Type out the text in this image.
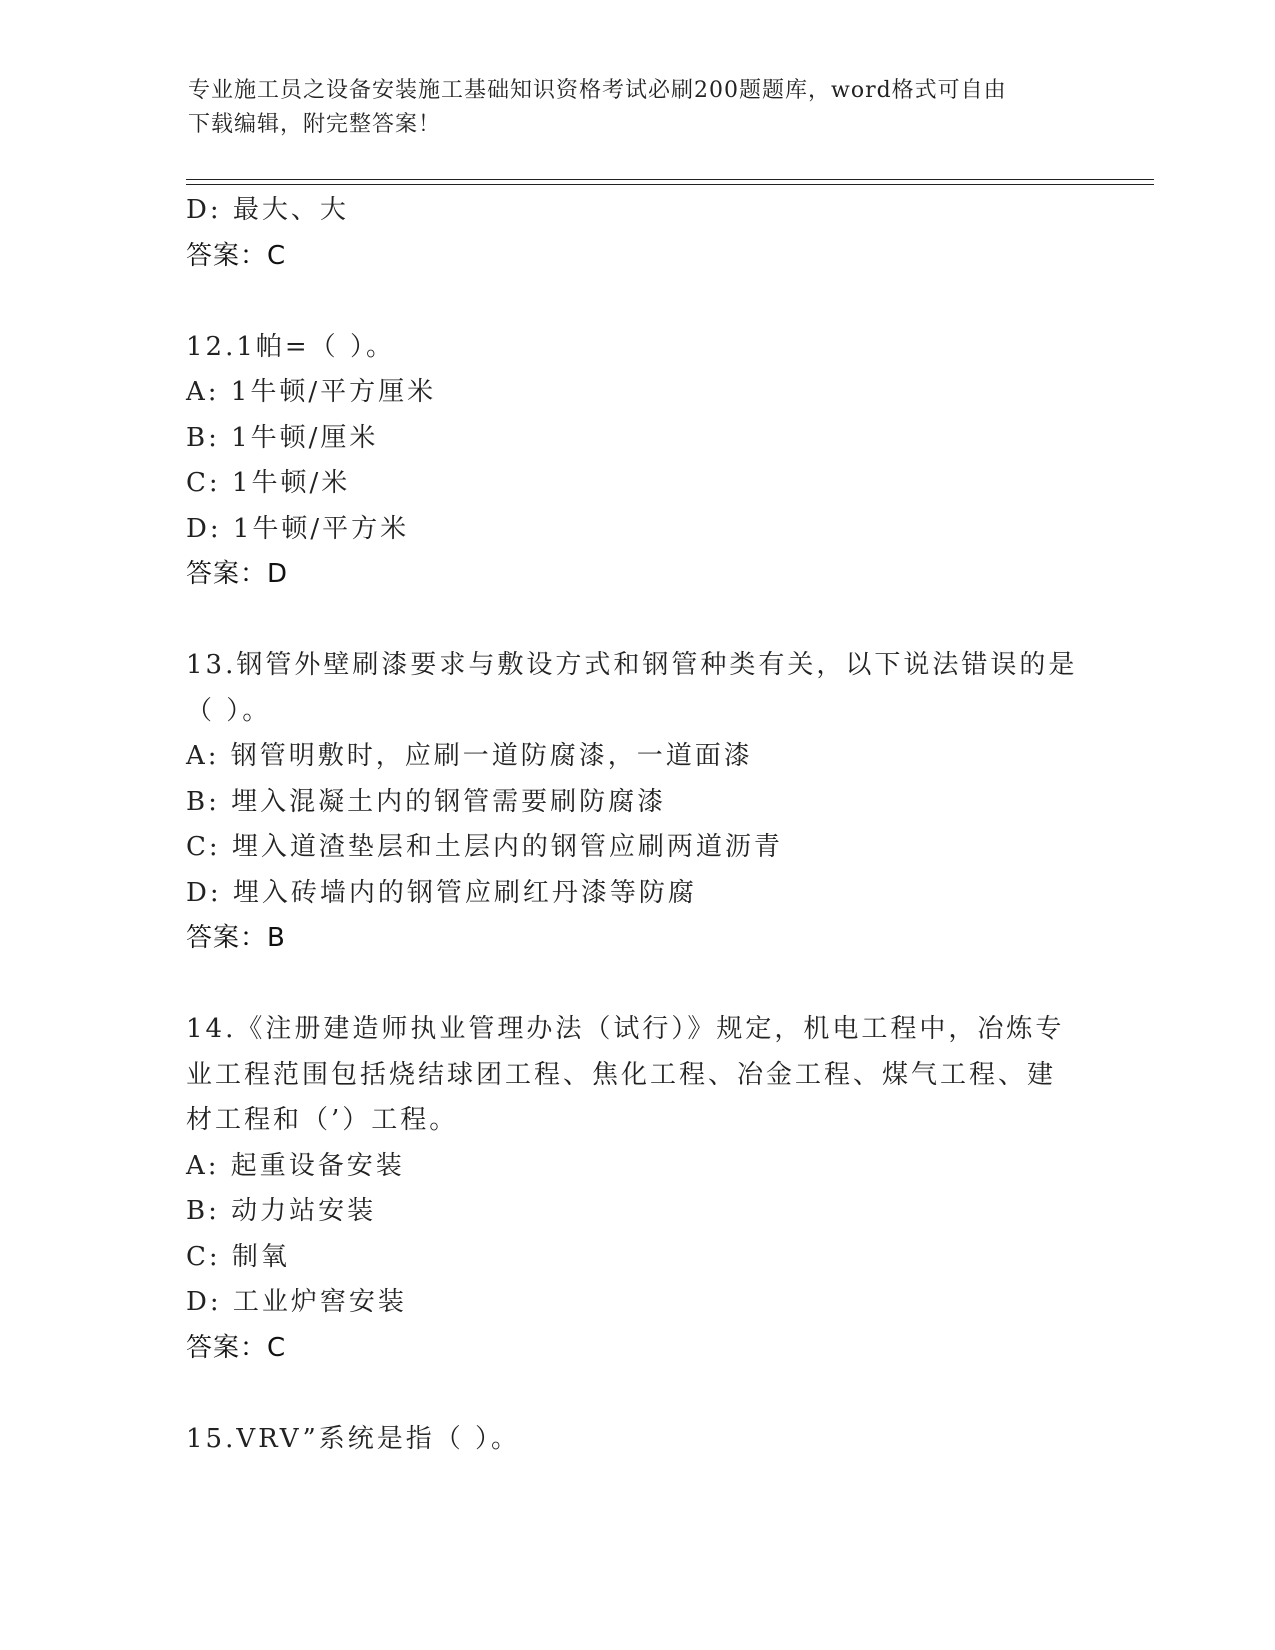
专业施工员之设备安装施工基础知识资格考试必刷200题题库，word格式可自由
下载编辑，附完整答案！
D: 最大、大
答案：C
12.1帕=（ ）。
A: 1牛顿/平方厘米
B: 1牛顿/厘米
C: 1牛顿/米
D: 1牛顿/平方米
答案：D
13.钢管外壁刷漆要求与敷设方式和钢管种类有关，以下说法错误的是
（ ）。
A: 钢管明敷时，应刷一道防腐漆，一道面漆
B: 埋入混凝土内的钢管需要刷防腐漆
C: 埋入道渣垫层和土层内的钢管应刷两道沥青
D: 埋入砖墙内的钢管应刷红丹漆等防腐
答案：B
14.《注册建造师执业管理办法（试行）》规定，机电工程中，冶炼专
业工程范围包括烧结球团工程、焦化工程、冶金工程、煤气工程、建
材工程和（’）工程。
A: 起重设备安装
B: 动力站安装
C: 制氧
D: 工业炉窖安装
答案：C
15.VRV”系统是指（ ）。
